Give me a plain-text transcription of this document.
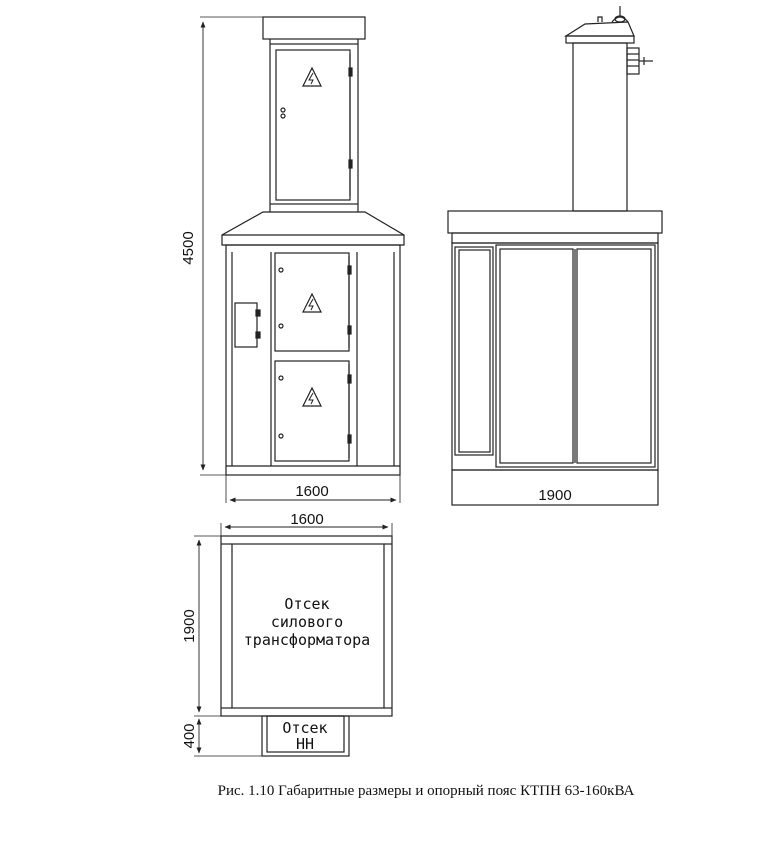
4500
1600	1900
1600
1900
400
Отсек
силового
трансформатора
Отсек
НН
Рис. 1.10 Габаритные размеры и опорный пояс КТПН 63-160кВА
